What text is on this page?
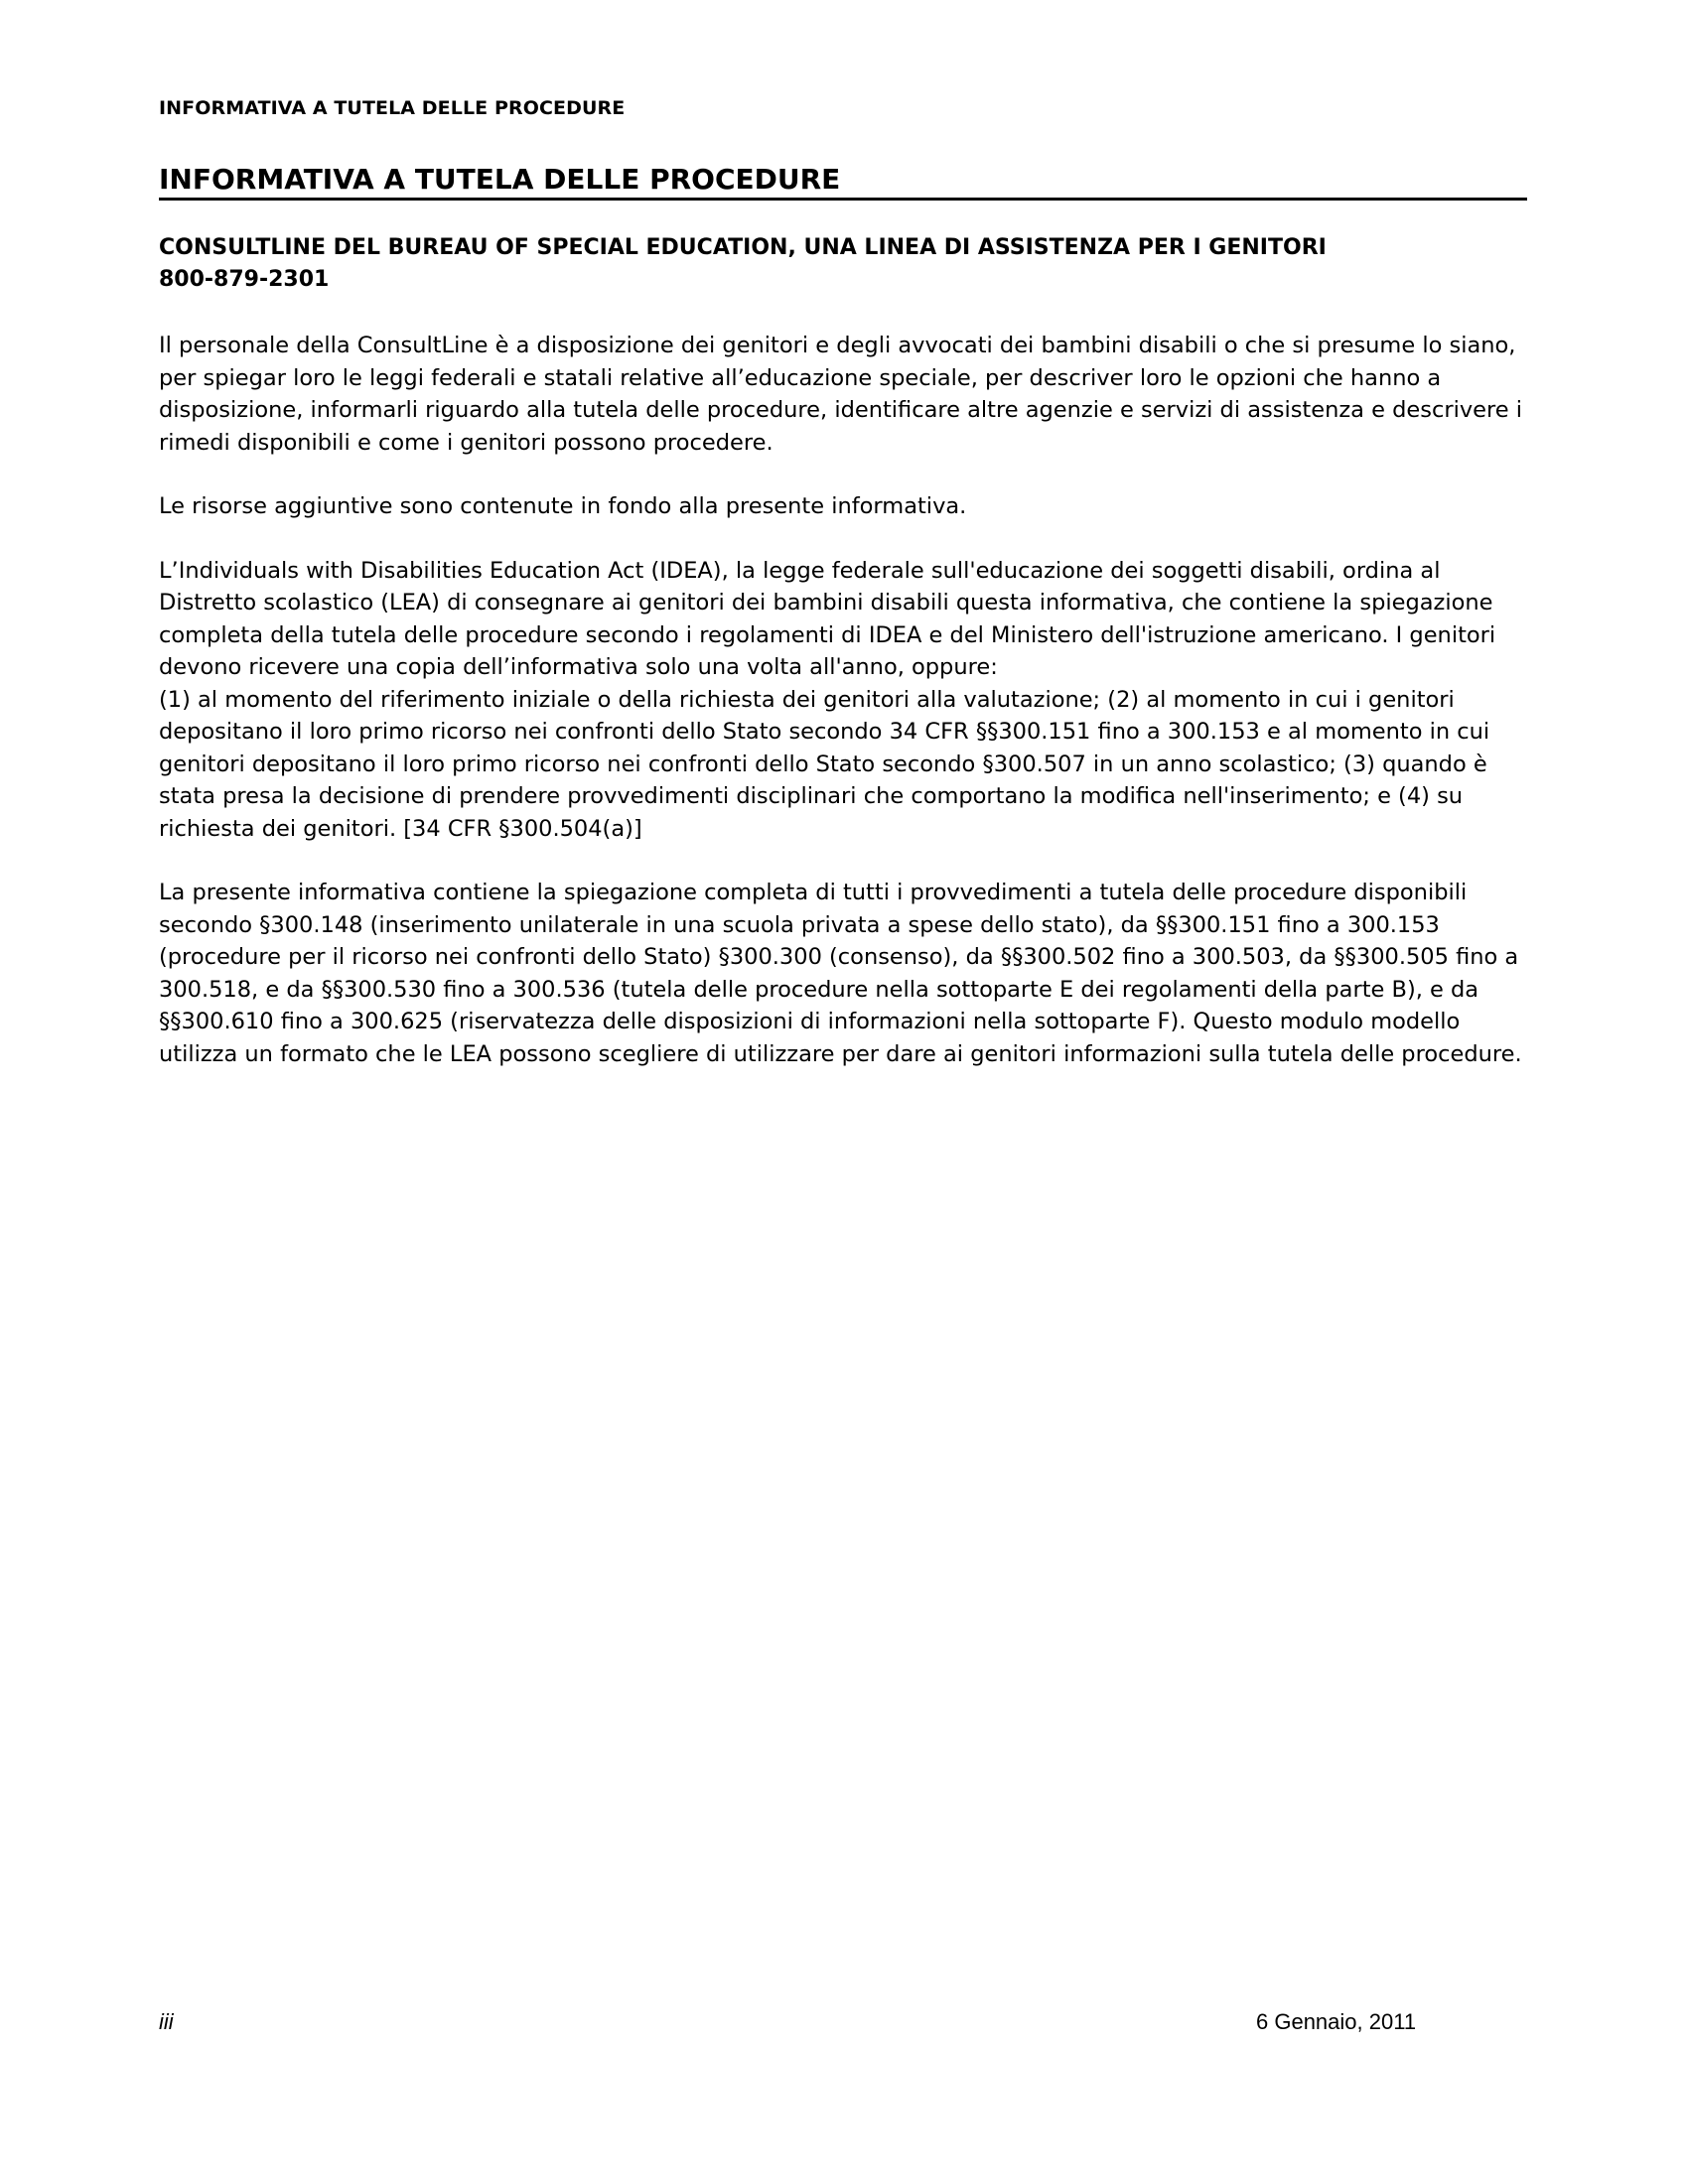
INFORMATIVA A TUTELA DELLE PROCEDURE
INFORMATIVA A TUTELA DELLE PROCEDURE
CONSULTLINE DEL BUREAU OF SPECIAL EDUCATION, UNA LINEA DI ASSISTENZA PER I GENITORI
800-879-2301

Il personale della ConsultLine è a disposizione dei genitori e degli avvocati dei bambini disabili o che si presume lo siano, per spiegar loro le leggi federali e statali relative all’educazione speciale, per descriver loro le opzioni che hanno a disposizione, informarli riguardo alla tutela delle procedure, identificare altre agenzie e servizi di assistenza e descrivere i rimedi disponibili e come i genitori possono procedere.

Le risorse aggiuntive sono contenute in fondo alla presente informativa.

L’Individuals with Disabilities Education Act (IDEA), la legge federale sull'educazione dei soggetti disabili, ordina al Distretto scolastico (LEA) di consegnare ai genitori dei bambini disabili questa informativa, che contiene la spiegazione completa della tutela delle procedure secondo i regolamenti di IDEA e del Ministero dell'istruzione americano. I genitori devono ricevere una copia dell’informativa solo una volta all'anno, oppure:

(1) al momento del riferimento iniziale o della richiesta dei genitori alla valutazione; (2) al momento in cui i genitori depositano il loro primo ricorso nei confronti dello Stato secondo 34 CFR §§300.151 fino a 300.153 e al momento in cui genitori depositano il loro primo ricorso nei confronti dello Stato secondo §300.507 in un anno scolastico; (3) quando è stata presa la decisione di prendere provvedimenti disciplinari che comportano la modifica nell'inserimento; e (4) su richiesta dei genitori. [34 CFR §300.504(a)]

La presente informativa contiene la spiegazione completa di tutti i provvedimenti a tutela delle procedure disponibili secondo §300.148 (inserimento unilaterale in una scuola privata a spese dello stato), da §§300.151 fino a 300.153 (procedure per il ricorso nei confronti dello Stato) §300.300 (consenso), da §§300.502 fino a 300.503, da §§300.505 fino a 300.518, e da §§300.530 fino a 300.536 (tutela delle procedure nella sottoparte E dei regolamenti della parte B), e da §§300.610 fino a 300.625 (riservatezza delle disposizioni di informazioni nella sottoparte F). Questo modulo modello utilizza un formato che le LEA possono scegliere di utilizzare per dare ai genitori informazioni sulla tutela delle procedure.

iii	6 Gennaio, 2011
